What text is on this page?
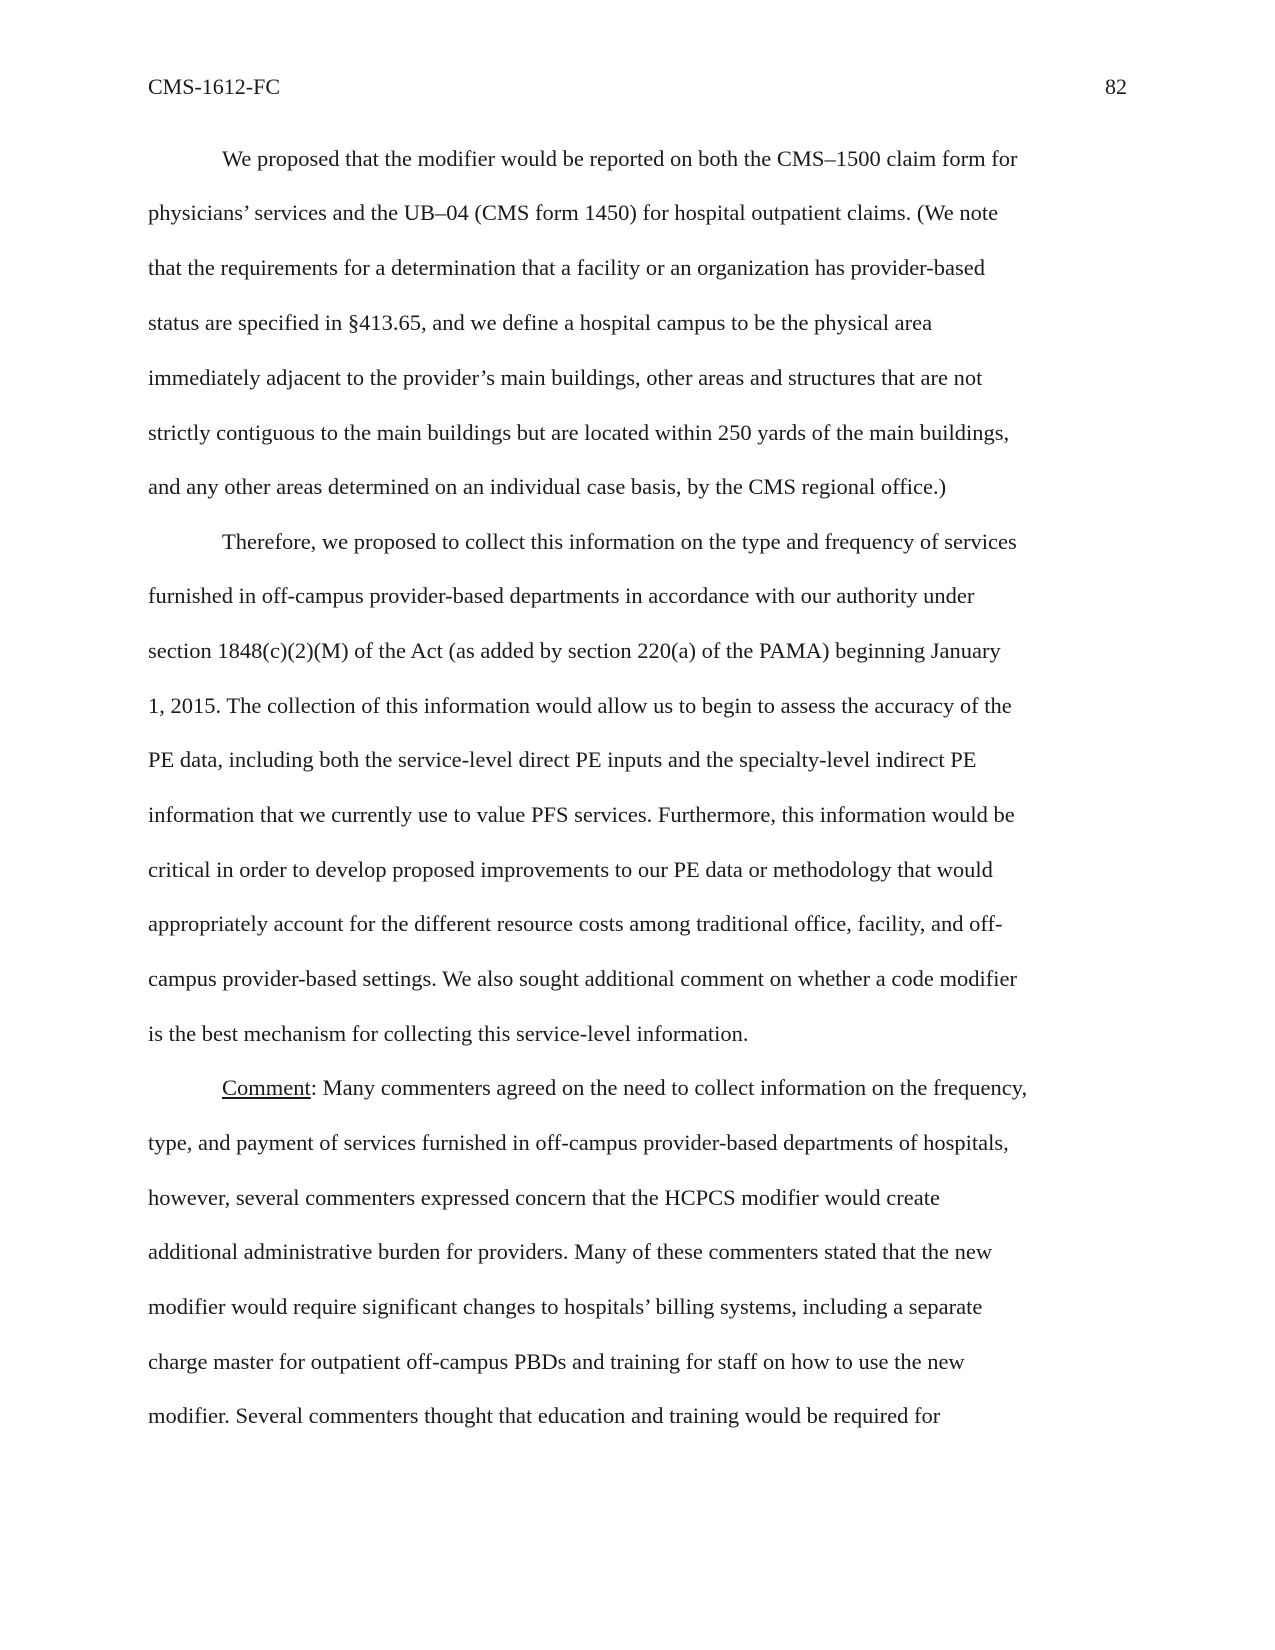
CMS-1612-FC	82
We proposed that the modifier would be reported on both the CMS–1500 claim form for
physicians’ services and the UB–04 (CMS form 1450) for hospital outpatient claims. (We note
that the requirements for a determination that a facility or an organization has provider-based
status are specified in §413.65, and we define a hospital campus to be the physical area
immediately adjacent to the provider’s main buildings, other areas and structures that are not
strictly contiguous to the main buildings but are located within 250 yards of the main buildings,
and any other areas determined on an individual case basis, by the CMS regional office.)
Therefore, we proposed to collect this information on the type and frequency of services
furnished in off-campus provider-based departments in accordance with our authority under
section 1848(c)(2)(M) of the Act (as added by section 220(a) of the PAMA) beginning January
1, 2015. The collection of this information would allow us to begin to assess the accuracy of the
PE data, including both the service-level direct PE inputs and the specialty-level indirect PE
information that we currently use to value PFS services. Furthermore, this information would be
critical in order to develop proposed improvements to our PE data or methodology that would
appropriately account for the different resource costs among traditional office, facility, and off-
campus provider-based settings. We also sought additional comment on whether a code modifier
is the best mechanism for collecting this service-level information.
Comment: Many commenters agreed on the need to collect information on the frequency,
type, and payment of services furnished in off-campus provider-based departments of hospitals,
however, several commenters expressed concern that the HCPCS modifier would create
additional administrative burden for providers. Many of these commenters stated that the new
modifier would require significant changes to hospitals’ billing systems, including a separate
charge master for outpatient off-campus PBDs and training for staff on how to use the new
modifier. Several commenters thought that education and training would be required for
